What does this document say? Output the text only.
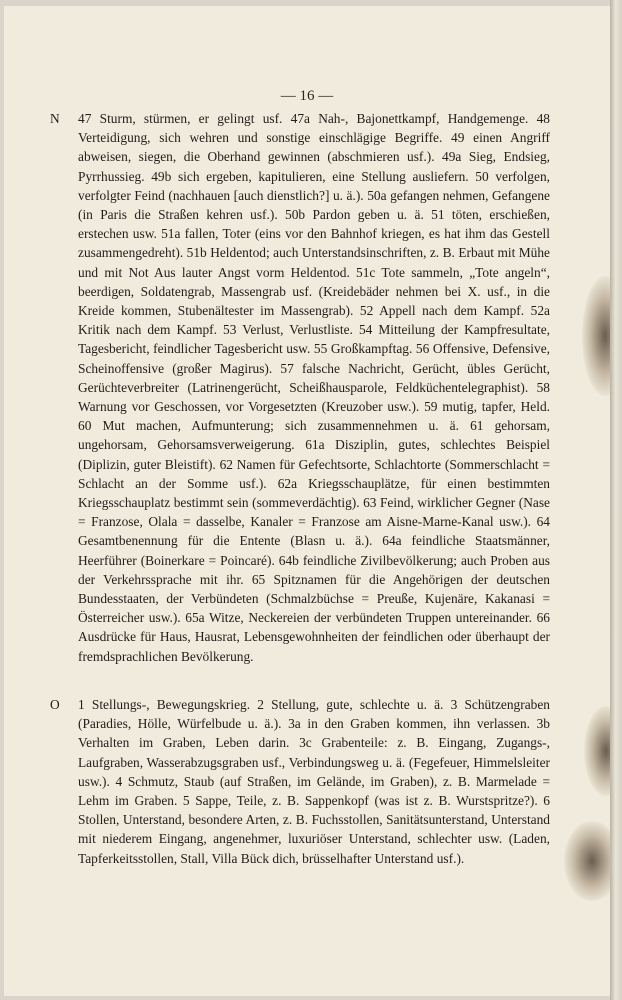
— 16 —
N 47 Sturm, stürmen, er gelingt usf. 47a Nah-, Bajonettkampf, Handgemenge. 48 Verteidigung, sich wehren und sonstige einschlägige Begriffe. 49 einen Angriff abweisen, siegen, die Oberhand gewinnen (abschmieren usf.). 49a Sieg, Endsieg, Pyrrhussieg. 49b sich ergeben, kapitulieren, eine Stellung ausliefern. 50 verfolgen, verfolgter Feind (nachhauen [auch dienstlich?] u. ä.). 50a gefangen nehmen, Gefangene (in Paris die Straßen kehren usf.). 50b Pardon geben u. ä. 51 töten, erschießen, erstechen usw. 51a fallen, Toter (eins vor den Bahnhof kriegen, es hat ihm das Gestell zusammengedreht). 51b Heldentod; auch Unterstandsinschriften, z. B. Erbaut mit Mühe und mit Not Aus lauter Angst vorm Heldentod. 51c Tote sammeln, „Tote angeln“, beerdigen, Soldatengrab, Massengrab usf. (Kreidebäder nehmen bei X. usf., in die Kreide kommen, Stubenältester im Massengrab). 52 Appell nach dem Kampf. 52a Kritik nach dem Kampf. 53 Verlust, Verlustliste. 54 Mitteilung der Kampfresultate, Tagesbericht, feindlicher Tagesbericht usw. 55 Großkampftag. 56 Offensive, Defensive, Scheinoffensive (großer Magirus). 57 falsche Nachricht, Gerücht, übles Gerücht, Gerüchteverbreiter (Latrinengerücht, Scheißhausparole, Feldküchentelegraphist). 58 Warnung vor Geschossen, vor Vorgesetzten (Kreuzober usw.). 59 mutig, tapfer, Held. 60 Mut machen, Aufmunterung; sich zusammennehmen u. ä. 61 gehorsam, ungehorsam, Gehorsamsverweigerung. 61a Disziplin, gutes, schlechtes Beispiel (Diplizin, guter Bleistift). 62 Namen für Gefechtsorte, Schlachtorte (Sommerschlacht = Schlacht an der Somme usf.). 62a Kriegsschauplätze, für einen bestimmten Kriegsschauplatz bestimmt sein (sommeverdächtig). 63 Feind, wirklicher Gegner (Nase = Franzose, Olala = dasselbe, Kanaler = Franzose am Aisne-Marne-Kanal usw.). 64 Gesamtbenennung für die Entente (Blasn u. ä.). 64a feindliche Staatsmänner, Heerführer (Boinerkare = Poincaré). 64b feindliche Zivilbevölkerung; auch Proben aus der Verkehrssprache mit ihr. 65 Spitznamen für die Angehörigen der deutschen Bundesstaaten, der Verbündeten (Schmalzbüchse = Preuße, Kujenäre, Kakanasi = Österreicher usw.). 65a Witze, Neckereien der verbündeten Truppen untereinander. 66 Ausdrücke für Haus, Hausrat, Lebensgewohnheiten der feindlichen oder überhaupt der fremdsprachlichen Bevölkerung.
O 1 Stellungs-, Bewegungskrieg. 2 Stellung, gute, schlechte u. ä. 3 Schützengraben (Paradies, Hölle, Würfelbude u. ä.). 3a in den Graben kommen, ihn verlassen. 3b Verhalten im Graben, Leben darin. 3c Grabenteile: z. B. Eingang, Zugangs-, Laufgraben, Wasserabzugsgraben usf., Verbindungsweg u. ä. (Fegefeuer, Himmelsleiter usw.). 4 Schmutz, Staub (auf Straßen, im Gelände, im Graben), z. B. Marmelade = Lehm im Graben. 5 Sappe, Teile, z. B. Sappenkopf (was ist z. B. Wurstspritze?). 6 Stollen, Unterstand, besondere Arten, z. B. Fuchsstollen, Sanitätsunterstand, Unterstand mit niederem Eingang, angenehmer, luxuriöser Unterstand, schlechter usw. (Laden, Tapferkeitsstollen, Stall, Villa Bück dich, brüsselhafter Unterstand usf.).
